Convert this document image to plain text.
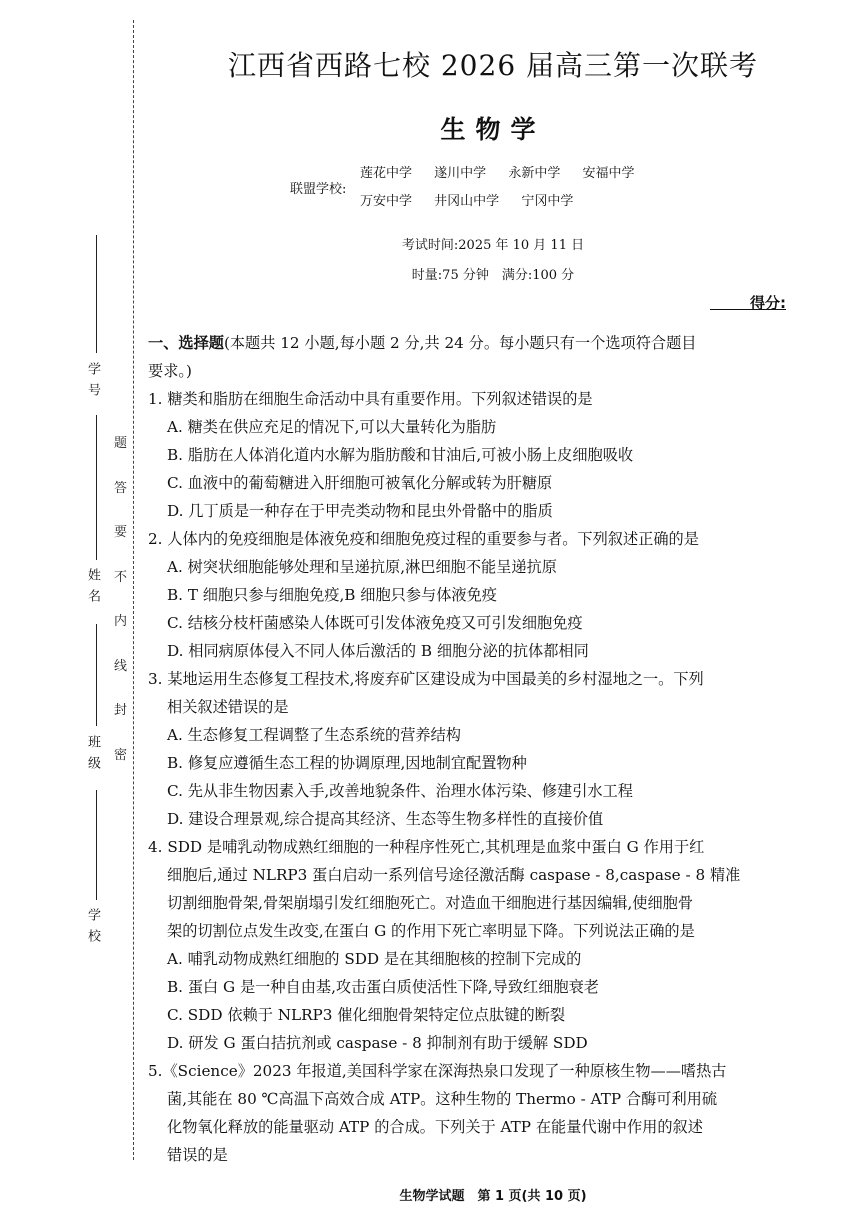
学号
姓名
班级
学校
题
答
要
不
内
线
封
密
江西省西路七校 2026 届高三第一次联考
生物学
联盟学校:
莲花中学 遂川中学 永新中学 安福中学
万安中学 井冈山中学 宁冈中学
考试时间:2025 年 10 月 11 日
时量:75 分钟　满分:100 分
得分:
一、选择题(本题共 12 小题,每小题 2 分,共 24 分。每小题只有一个选项符合题目
要求。)
1. 糖类和脂肪在细胞生命活动中具有重要作用。下列叙述错误的是
A. 糖类在供应充足的情况下,可以大量转化为脂肪
B. 脂肪在人体消化道内水解为脂肪酸和甘油后,可被小肠上皮细胞吸收
C. 血液中的葡萄糖进入肝细胞可被氧化分解或转为肝糖原
D. 几丁质是一种存在于甲壳类动物和昆虫外骨骼中的脂质
2. 人体内的免疫细胞是体液免疫和细胞免疫过程的重要参与者。下列叙述正确的是
A. 树突状细胞能够处理和呈递抗原,淋巴细胞不能呈递抗原
B. T 细胞只参与细胞免疫,B 细胞只参与体液免疫
C. 结核分枝杆菌感染人体既可引发体液免疫又可引发细胞免疫
D. 相同病原体侵入不同人体后激活的 B 细胞分泌的抗体都相同
3. 某地运用生态修复工程技术,将废弃矿区建设成为中国最美的乡村湿地之一。下列
相关叙述错误的是
A. 生态修复工程调整了生态系统的营养结构
B. 修复应遵循生态工程的协调原理,因地制宜配置物种
C. 先从非生物因素入手,改善地貌条件、治理水体污染、修建引水工程
D. 建设合理景观,综合提高其经济、生态等生物多样性的直接价值
4. SDD 是哺乳动物成熟红细胞的一种程序性死亡,其机理是血浆中蛋白 G 作用于红
细胞后,通过 NLRP3 蛋白启动一系列信号途径激活酶 caspase - 8,caspase - 8 精准
切割细胞骨架,骨架崩塌引发红细胞死亡。对造血干细胞进行基因编辑,使细胞骨
架的切割位点发生改变,在蛋白 G 的作用下死亡率明显下降。下列说法正确的是
A. 哺乳动物成熟红细胞的 SDD 是在其细胞核的控制下完成的
B. 蛋白 G 是一种自由基,攻击蛋白质使活性下降,导致红细胞衰老
C. SDD 依赖于 NLRP3 催化细胞骨架特定位点肽键的断裂
D. 研发 G 蛋白拮抗剂或 caspase - 8 抑制剂有助于缓解 SDD
5.《Science》2023 年报道,美国科学家在深海热泉口发现了一种原核生物——嗜热古
菌,其能在 80 ℃高温下高效合成 ATP。这种生物的 Thermo - ATP 合酶可利用硫
化物氧化释放的能量驱动 ATP 的合成。下列关于 ATP 在能量代谢中作用的叙述
错误的是
生物学试题　第 1 页(共 10 页)
